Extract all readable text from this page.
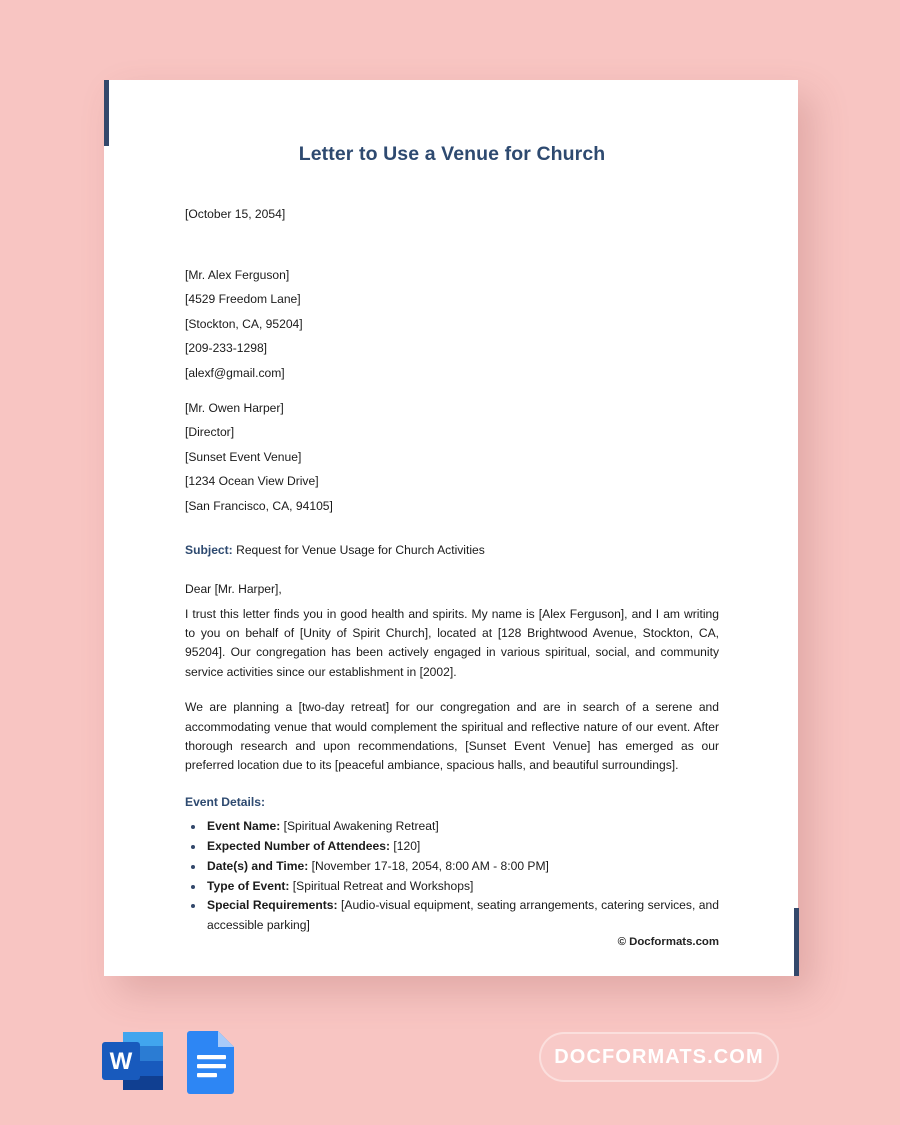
Letter to Use a Venue for Church
[October 15, 2054]
[Mr. Alex Ferguson]
[4529 Freedom Lane]
[Stockton, CA, 95204]
[209-233-1298]
[alexf@gmail.com]
[Mr. Owen Harper]
[Director]
[Sunset Event Venue]
[1234 Ocean View Drive]
[San Francisco, CA, 94105]
Subject: Request for Venue Usage for Church Activities
Dear [Mr. Harper],

I trust this letter finds you in good health and spirits. My name is [Alex Ferguson], and I am writing to you on behalf of [Unity of Spirit Church], located at [128 Brightwood Avenue, Stockton, CA, 95204]. Our congregation has been actively engaged in various spiritual, social, and community service activities since our establishment in [2002].

We are planning a [two-day retreat] for our congregation and are in search of a serene and accommodating venue that would complement the spiritual and reflective nature of our event. After thorough research and upon recommendations, [Sunset Event Venue] has emerged as our preferred location due to its [peaceful ambiance, spacious halls, and beautiful surroundings].

Event Details:
Event Name: [Spiritual Awakening Retreat]
Expected Number of Attendees: [120]
Date(s) and Time: [November 17-18, 2054, 8:00 AM - 8:00 PM]
Type of Event: [Spiritual Retreat and Workshops]
Special Requirements: [Audio-visual equipment, seating arrangements, catering services, and accessible parking]
© Docformats.com
W	DOCFORMATS.COM
